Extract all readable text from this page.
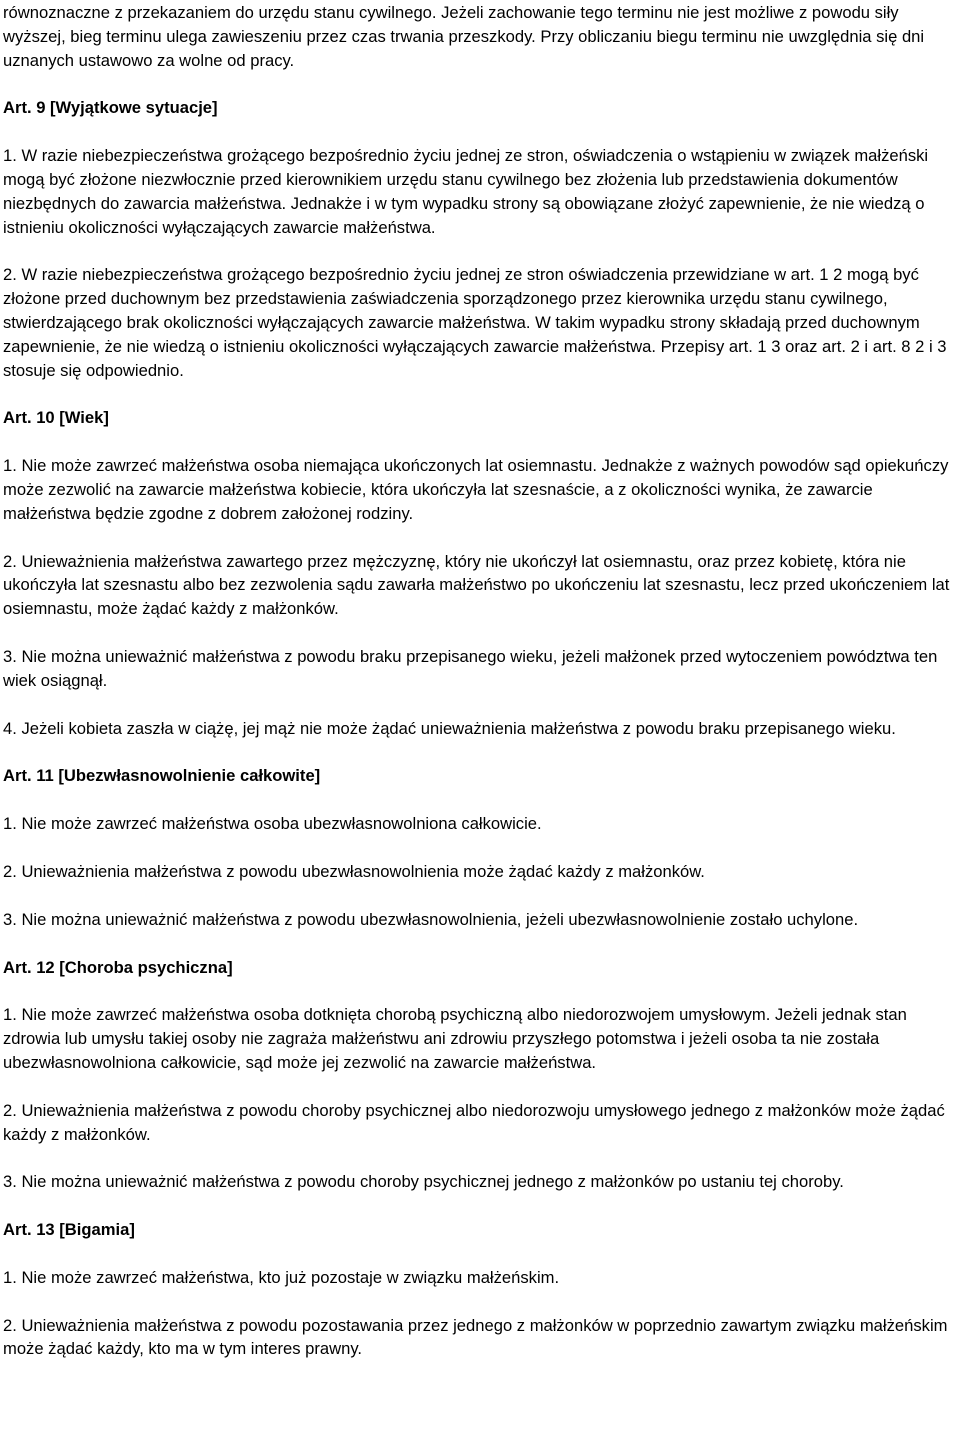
równoznaczne z przekazaniem do urzędu stanu cywilnego. Jeżeli zachowanie tego terminu nie jest możliwe z powodu siły wyższej, bieg terminu ulega zawieszeniu przez czas trwania przeszkody. Przy obliczaniu biegu terminu nie uwzględnia się dni uznanych ustawowo za wolne od pracy.

Art. 9 [Wyjątkowe sytuacje]

1. W razie niebezpieczeństwa grożącego bezpośrednio życiu jednej ze stron, oświadczenia o wstąpieniu w związek małżeński mogą być złożone niezwłocznie przed kierownikiem urzędu stanu cywilnego bez złożenia lub przedstawienia dokumentów niezbędnych do zawarcia małżeństwa. Jednakże i w tym wypadku strony są obowiązane złożyć zapewnienie, że nie wiedzą o istnieniu okoliczności wyłączających zawarcie małżeństwa.

2. W razie niebezpieczeństwa grożącego bezpośrednio życiu jednej ze stron oświadczenia przewidziane w art. 1 2 mogą być złożone przed duchownym bez przedstawienia zaświadczenia sporządzonego przez kierownika urzędu stanu cywilnego, stwierdzającego brak okoliczności wyłączających zawarcie małżeństwa. W takim wypadku strony składają przed duchownym zapewnienie, że nie wiedzą o istnieniu okoliczności wyłączających zawarcie małżeństwa. Przepisy art. 1 3 oraz art. 2 i art. 8 2 i 3 stosuje się odpowiednio.

Art. 10 [Wiek]

1. Nie może zawrzeć małżeństwa osoba niemająca ukończonych lat osiemnastu. Jednakże z ważnych powodów sąd opiekuńczy może zezwolić na zawarcie małżeństwa kobiecie, która ukończyła lat szesnaście, a z okoliczności wynika, że zawarcie małżeństwa będzie zgodne z dobrem założonej rodziny.

2. Unieważnienia małżeństwa zawartego przez mężczyznę, który nie ukończył lat osiemnastu, oraz przez kobietę, która nie ukończyła lat szesnastu albo bez zezwolenia sądu zawarła małżeństwo po ukończeniu lat szesnastu, lecz przed ukończeniem lat osiemnastu, może żądać każdy z małżonków.

3. Nie można unieważnić małżeństwa z powodu braku przepisanego wieku, jeżeli małżonek przed wytoczeniem powództwa ten wiek osiągnął.

4. Jeżeli kobieta zaszła w ciążę, jej mąż nie może żądać unieważnienia małżeństwa z powodu braku przepisanego wieku.

Art. 11 [Ubezwłasnowolnienie całkowite]

1. Nie może zawrzeć małżeństwa osoba ubezwłasnowolniona całkowicie.

2. Unieważnienia małżeństwa z powodu ubezwłasnowolnienia może żądać każdy z małżonków.

3. Nie można unieważnić małżeństwa z powodu ubezwłasnowolnienia, jeżeli ubezwłasnowolnienie zostało uchylone.

Art. 12 [Choroba psychiczna]

1. Nie może zawrzeć małżeństwa osoba dotknięta chorobą psychiczną albo niedorozwojem umysłowym. Jeżeli jednak stan zdrowia lub umysłu takiej osoby nie zagraża małżeństwu ani zdrowiu przyszłego potomstwa i jeżeli osoba ta nie została ubezwłasnowolniona całkowicie, sąd może jej zezwolić na zawarcie małżeństwa.

2. Unieważnienia małżeństwa z powodu choroby psychicznej albo niedorozwoju umysłowego jednego z małżonków może żądać każdy z małżonków.

3. Nie można unieważnić małżeństwa z powodu choroby psychicznej jednego z małżonków po ustaniu tej choroby.

Art. 13 [Bigamia]

1. Nie może zawrzeć małżeństwa, kto już pozostaje w związku małżeńskim.

2. Unieważnienia małżeństwa z powodu pozostawania przez jednego z małżonków w poprzednio zawartym związku małżeńskim może żądać każdy, kto ma w tym interes prawny.
